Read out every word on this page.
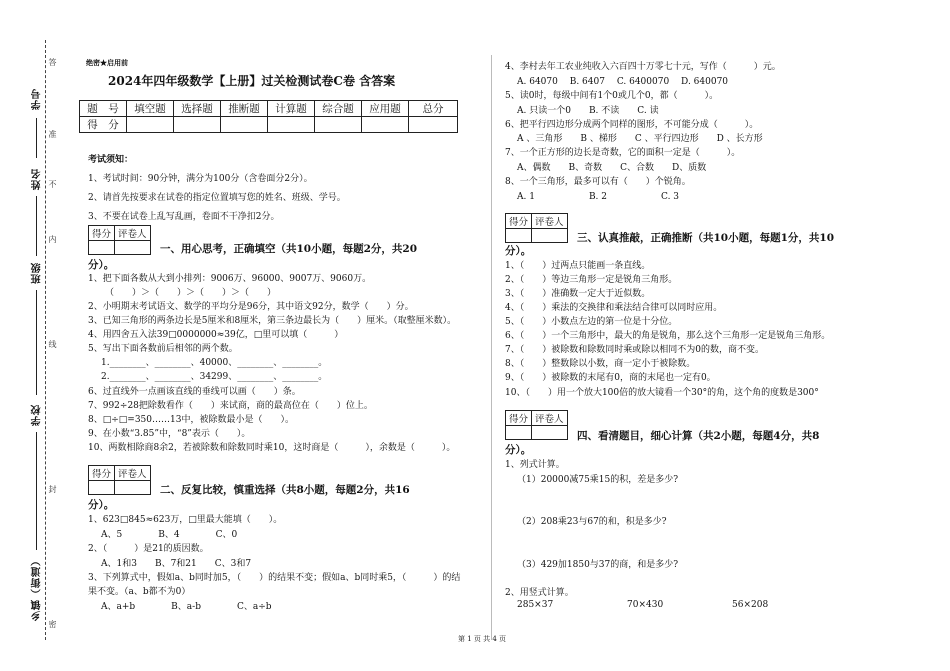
学号
姓名
班级
学校
乡镇（街道）
密
封
线
内
不
准
答	绝密★启用前
2024年四年级数学【上册】过关检测试卷C卷 含答案
题　号	填空题	选择题	推断题	计算题	综合题	应用题	总分
得　分							
考试须知：
1、考试时间：90分钟，满分为100分（含卷面分2分）。
2、请首先按要求在试卷的指定位置填写您的姓名、班级、学号。
3、不要在试卷上乱写乱画，卷面不干净扣2分。
得分	评卷人

一、用心思考，正确填空（共10小题，每题2分，共20
分）。
1、把下面各数从大到小排列：9006万、96000、9007万、9060万。
（　　）＞（　　）＞（　　）＞（　　）
2、小明期末考试语文、数学的平均分是96分，其中语文92分，数学（　　）分。
3、已知三角形的两条边长是5厘米和8厘米，第三条边最长为（　　）厘米。（取整厘米数）。
4、用四舍五入法39□0000000≈39亿，□里可以填（　　　）
5、写出下面各数前后相邻的两个数。
1.________、________、40000、________、________。
2.________、________、34299、________、________。
6、过直线外一点画该直线的垂线可以画（　　）条。
7、992÷28把除数看作（　　）来试商，商的最高位在（　　）位上。
8、□÷□=350……13中，被除数最小是（　　）。
9、在小数“3.85”中，“8”表示（　　）。
10、两数相除商8余2，若被除数和除数同时乘10，这时商是（　　　），余数是（　　　）。
得分	评卷人

二、反复比较，慎重选择（共8小题，每题2分，共16
分）。
1、623□845≈623万，□里最大能填（　　）。
A、5　　　　B、4　　　　C、0
2、（　　　）是21的质因数。
A、1和3　　B、7和21　　C、3和7
3、下列算式中，假如a、b同时加5，（　　）的结果不变；假如a、b同时乘5，（　　　）的结
果不变。（a、b都不为0）
A、a+b　　　　B、a-b　　　　C、a÷b
4、李村去年工农业纯收入六百四十万零七十元，写作（　　　）元。
A. 64070　 B. 6407　 C. 6400070　 D. 640070
5、读0时，每级中间有1个0或几个0，都（　　　）。
A. 只读一个0　　B. 不读　　C. 读
6、把平行四边形分成两个同样的图形，不可能分成（　　　）。
A 、三角形　　B 、梯形　　C 、平行四边形　　D 、长方形
7、一个正方形的边长是奇数，它的面积一定是（　　　）。
A、偶数　　B、奇数　　C、合数　　D、质数
8、一个三角形，最多可以有（　　）个锐角。
A. 1　　　　　　B. 2　　　　　　C. 3
得分	评卷人

三、认真推敲，正确推断（共10小题，每题1分，共10
分）。
1、（　　）过两点只能画一条直线。
2、（　　）等边三角形一定是锐角三角形。
3、（　　）准确数一定大于近似数。
4、（　　）乘法的交换律和乘法结合律可以同时应用。
5、（　　）小数点左边的第一位是十分位。
6、（　　）一个三角形中，最大的角是锐角，那么这个三角形一定是锐角三角形。
7、（　　）被除数和除数同时乘或除以相同不为0的数，商不变。
8、（　　）整数除以小数，商一定小于被除数。
9、（　　）被除数的末尾有0，商的末尾也一定有0。
10、（　　）用一个放大100倍的放大镜看一个30°的角，这个角的度数是300°
得分	评卷人

四、看清题目，细心计算（共2小题，每题4分，共8
分）。
1、列式计算。
（1）20000减75乘15的积，差是多少?
（2）208乘23与67的和，积是多少?
（3）429加1850与37的商，和是多少?
2、用竖式计算。
285×37	70×430	56×208
第 1 页 共 4 页
